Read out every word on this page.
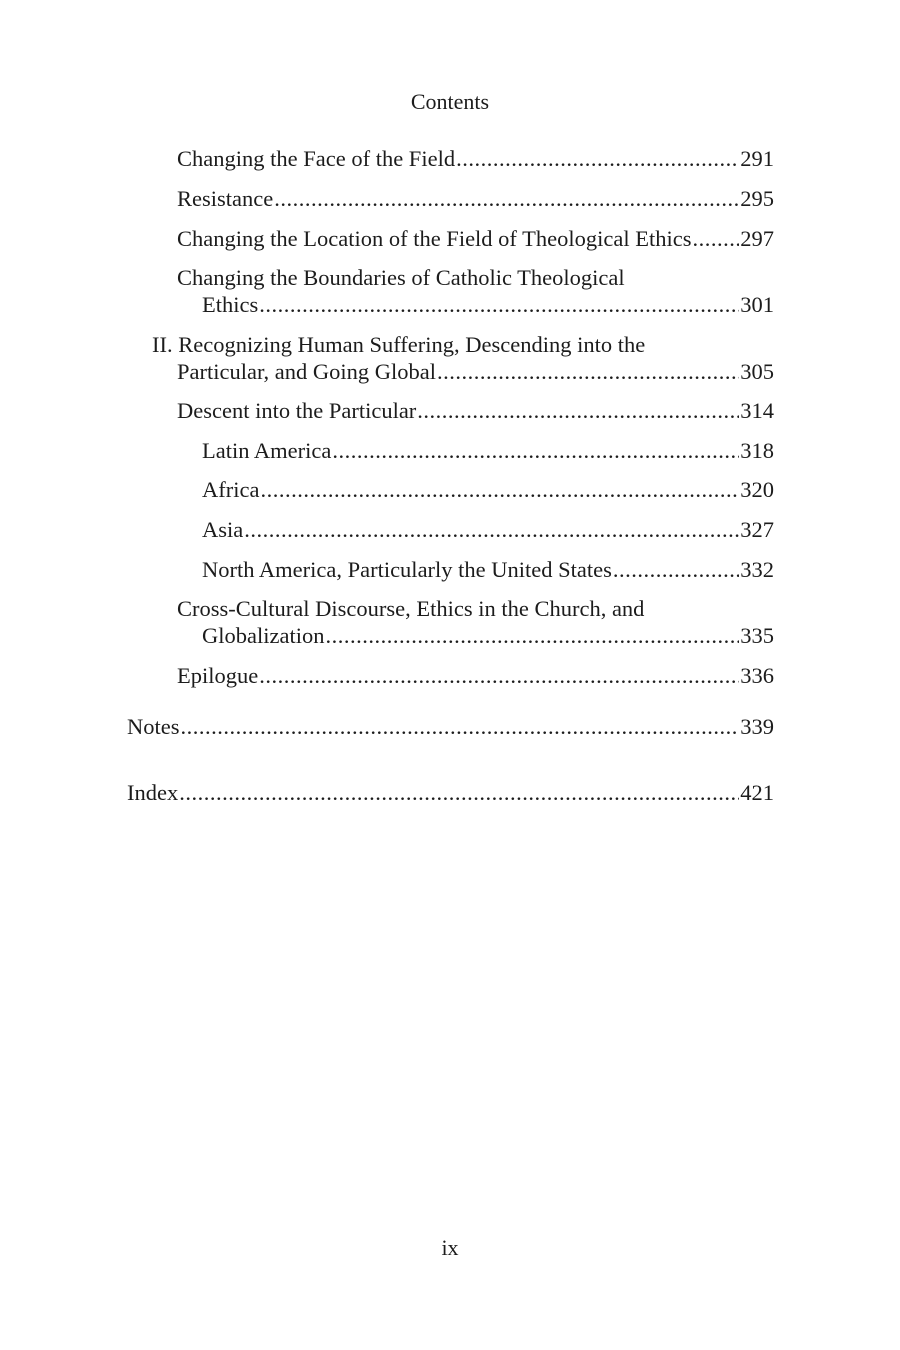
Contents
Changing the Face of the Field .....	291
Resistance .....	295
Changing the Location of the Field of Theological Ethics ..... 297
Changing the Boundaries of Catholic Theological
Ethics .....	301
II. Recognizing Human Suffering, Descending into the
Particular, and Going Global .....	305
Descent into the Particular .....	314
Latin America .....	318
Africa .....	320
Asia .....	327
North America, Particularly the United States .....	332
Cross-Cultural Discourse, Ethics in the Church, and
Globalization .....	335
Epilogue .....	336
Notes .....	339
Index .....	421
ix
